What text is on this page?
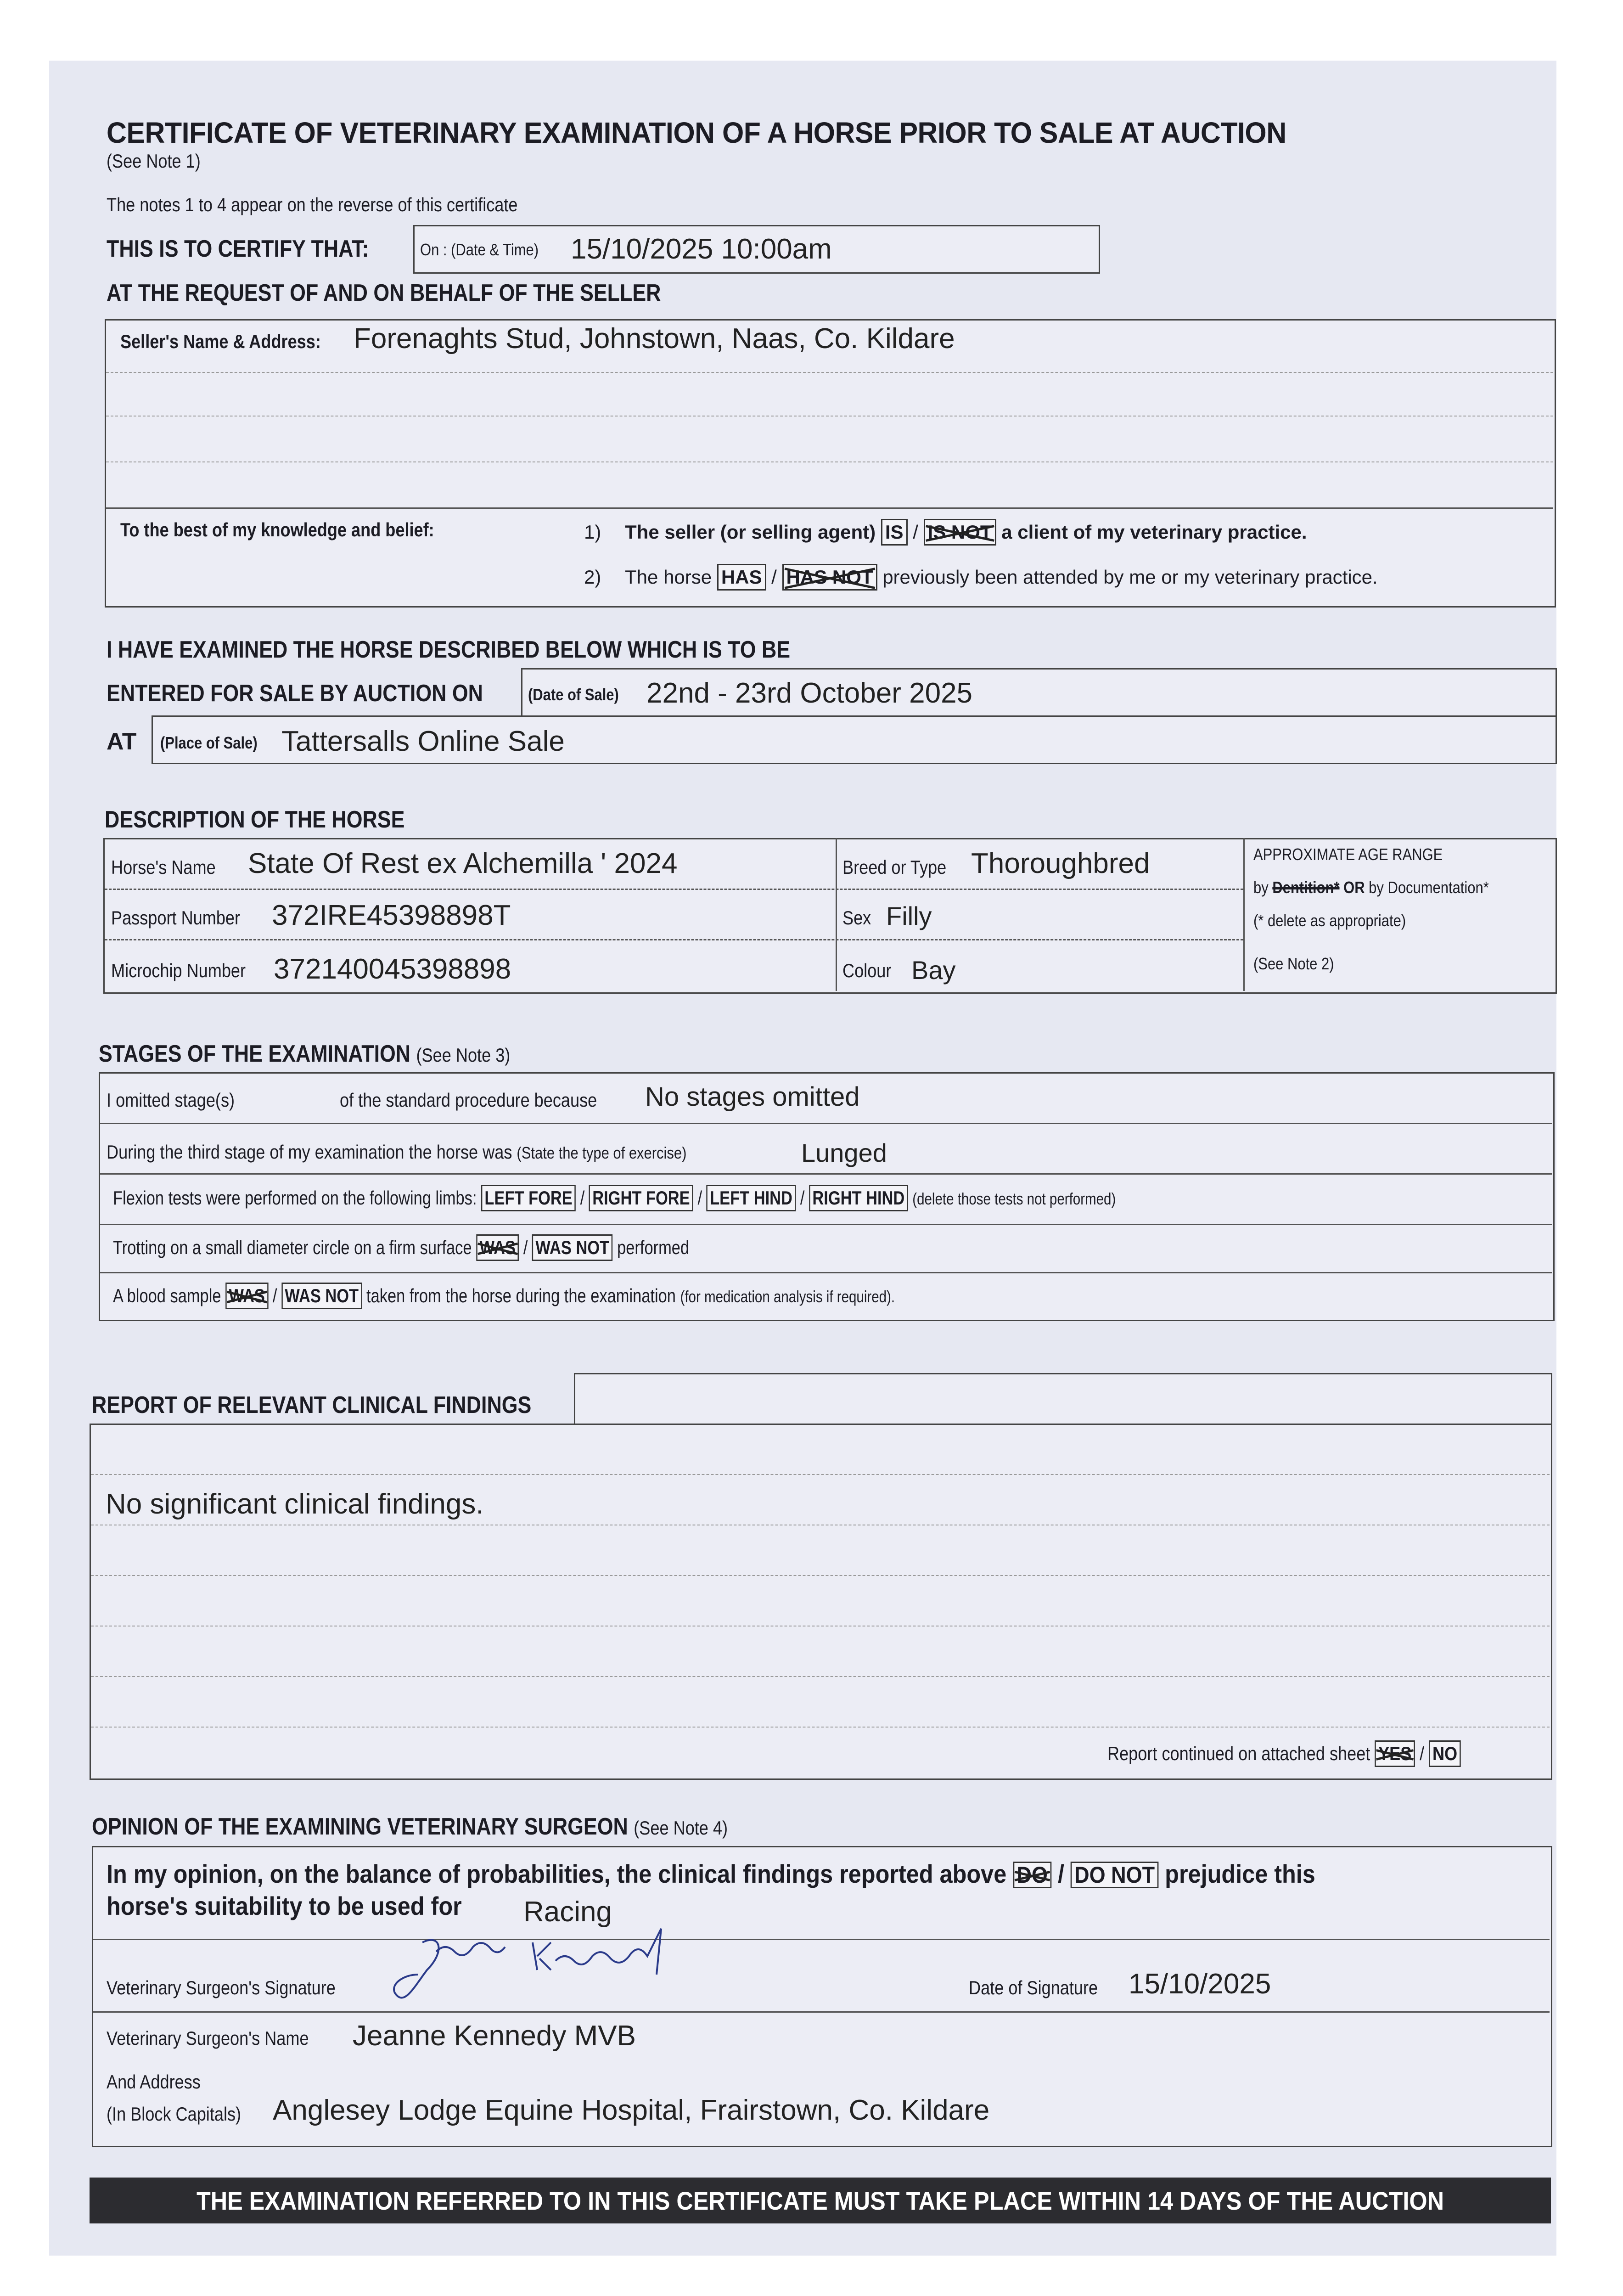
CERTIFICATE OF VETERINARY EXAMINATION OF A HORSE PRIOR TO SALE AT AUCTION
(See Note 1)
The notes 1 to 4 appear on the reverse of this certificate
THIS IS TO CERTIFY THAT:	On : (Date & Time)	15/10/2025 10:00am
AT THE REQUEST OF AND ON BEHALF OF THE SELLER
Seller's Name & Address:	Forenaghts Stud, Johnstown, Naas, Co. Kildare
To the best of my knowledge and belief:	1) The seller (or selling agent) IS / IS NOT a client of my veterinary practice.
2) The horse HAS / HAS NOT previously been attended by me or my veterinary practice.
I HAVE EXAMINED THE HORSE DESCRIBED BELOW WHICH IS TO BE
ENTERED FOR SALE BY AUCTION ON	(Date of Sale) 22nd - 23rd October 2025
AT (Place of Sale) Tattersalls Online Sale
DESCRIPTION OF THE HORSE
Horse's Name	State Of Rest ex Alchemilla ' 2024
Passport Number	372IRE45398898T
Microchip Number 372140045398898
Breed or Type Thoroughbred
Sex Filly
Colour Bay
APPROXIMATE AGE RANGE
by Dentition* OR by Documentation*
(* delete as appropriate)
(See Note 2)
STAGES OF THE EXAMINATION (See Note 3)
I omitted stage(s)	of the standard procedure because	No stages omitted
During the third stage of my examination the horse was (State the type of exercise)	Lunged
Flexion tests were performed on the following limbs: LEFT FORE / RIGHT FORE / LEFT HIND / RIGHT HIND (delete those tests not performed)
Trotting on a small diameter circle on a firm surface WAS / WAS NOT performed
A blood sample WAS / WAS NOT taken from the horse during the examination (for medication analysis if required).
REPORT OF RELEVANT CLINICAL FINDINGS
No significant clinical findings.
Report continued on attached sheet YES / NO
OPINION OF THE EXAMINING VETERINARY SURGEON (See Note 4)
In my opinion, on the balance of probabilities, the clinical findings reported above DO / DO NOT prejudice this
horse's suitability to be used for	Racing
Veterinary Surgeon's Signature	Date of Signature	15/10/2025
Veterinary Surgeon's Name	Jeanne Kennedy MVB
And Address
(In Block Capitals)	Anglesey Lodge Equine Hospital, Frairstown, Co. Kildare
THE EXAMINATION REFERRED TO IN THIS CERTIFICATE MUST TAKE PLACE WITHIN 14 DAYS OF THE AUCTION
